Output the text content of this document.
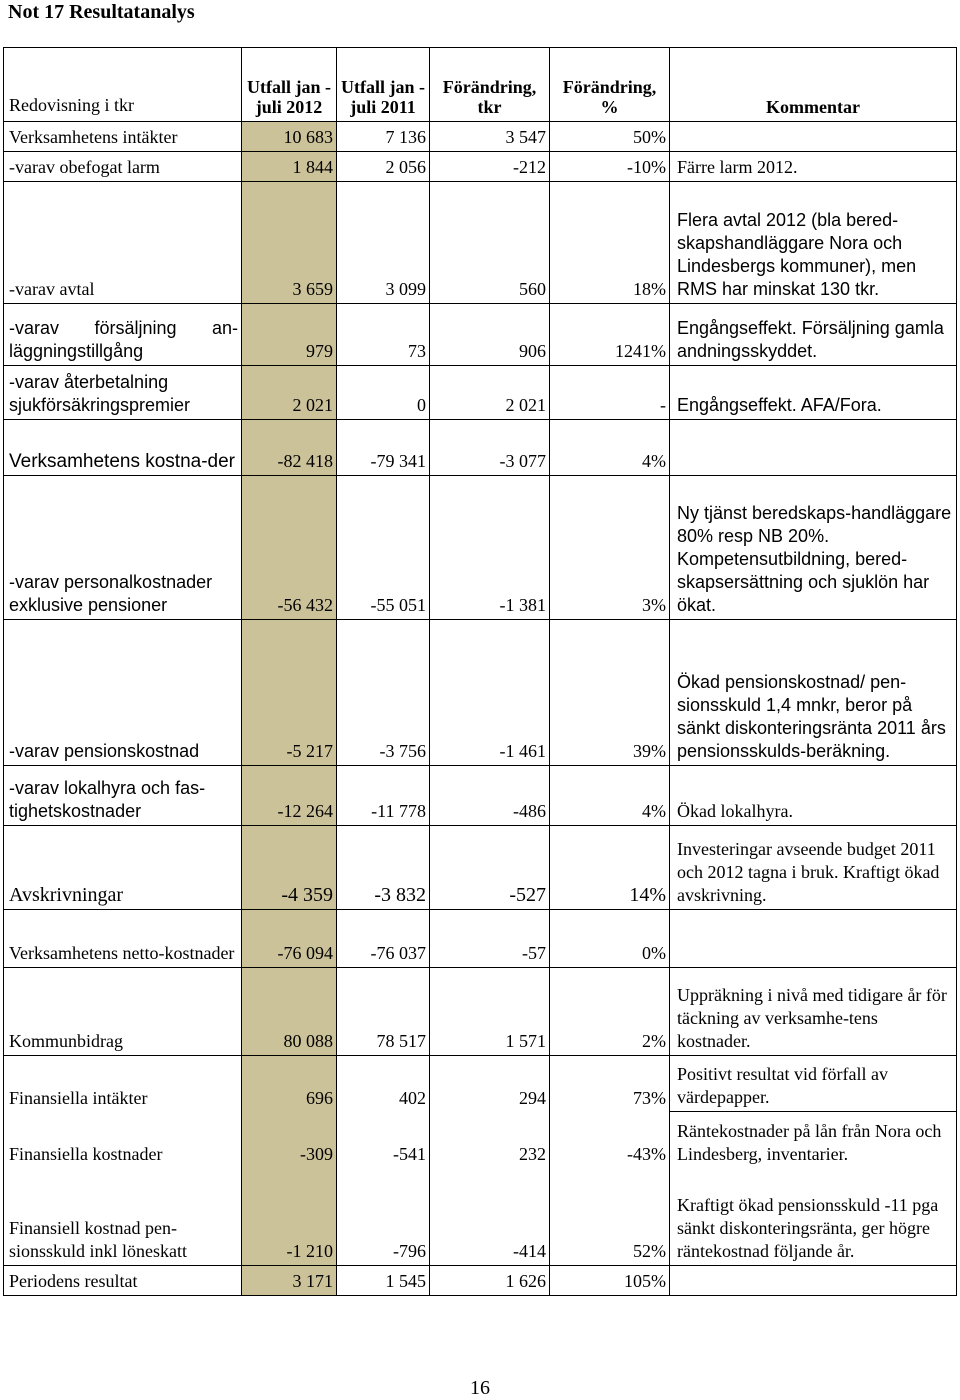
Not 17 Resultatanalys
Redovisning i tkr	Utfall jan - juli 2012	Utfall jan - juli 2011	Förändring, tkr	Förändring, %	Kommentar
Verksamhetens intäkter	10 683	7 136	3 547	50%	
-varav obefogat larm	1 844	2 056	-212	-10%	Färre larm 2012.
-varav avtal	3 659	3 099	560	18%	Flera avtal 2012 (bla bered-skapshandläggare Nora och Lindesbergs kommuner), men RMS har minskat 130 tkr.
-varav försäljning an-läggningstillgång	979	73	906	1241%	Engångseffekt. Försäljning gamla andningsskyddet.
-varav återbetalning sjukförsäkringspremier	2 021	0	2 021	-	Engångseffekt. AFA/Fora.
Verksamhetens kostna-der	-82 418	-79 341	-3 077	4%	
-varav personalkostnader exklusive pensioner	-56 432	-55 051	-1 381	3%	Ny tjänst beredskaps-handläggare 80% resp NB 20%. Kompetensutbildning, bered-skapsersättning och sjuklön har ökat.
-varav pensionskostnad	-5 217	-3 756	-1 461	39%	Ökad pensionskostnad/ pen-sionsskuld 1,4 mnkr, beror på sänkt diskonteringsränta 2011 års pensionsskulds-beräkning.
-varav lokalhyra och fas-tighetskostnader	-12 264	-11 778	-486	4%	Ökad lokalhyra.
Avskrivningar	-4 359	-3 832	-527	14%	Investeringar avseende budget 2011 och 2012 tagna i bruk. Kraftigt ökad avskrivning.
Verksamhetens netto-kostnader	-76 094	-76 037	-57	0%	
Kommunbidrag	80 088	78 517	1 571	2%	Uppräkning i nivå med tidigare år för täckning av verksamhe-tens kostnader.
Finansiella intäkter	696	402	294	73%	Positivt resultat vid förfall av värdepapper.
Finansiella kostnader	-309	-541	232	-43%	Räntekostnader på lån från Nora och Lindesberg, inventarier.
Finansiell kostnad pen-sionsskuld inkl löneskatt	-1 210	-796	-414	52%	Kraftigt ökad pensionsskuld -11 pga sänkt diskonteringsränta, ger högre räntekostnad följande år.
Periodens resultat	3 171	1 545	1 626	105%	
16
